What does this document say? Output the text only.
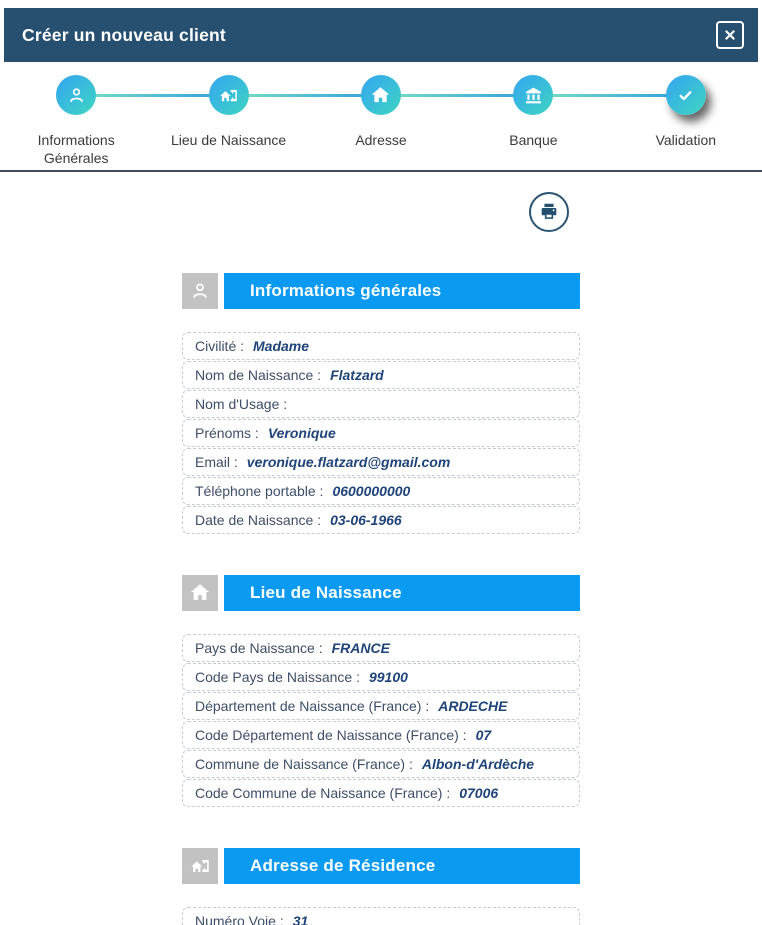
Créer un nouveau client
Informations Générales
Lieu de Naissance	Adresse	Banque	Validation
Informations générales
Civilité : Madame
Nom de Naissance : Flatzard
Nom d'Usage :
Prénoms : Veronique
Email : veronique.flatzard@gmail.com
Téléphone portable : 0600000000
Date de Naissance : 03-06-1966
Lieu de Naissance
Pays de Naissance : FRANCE
Code Pays de Naissance : 99100
Département de Naissance (France) : ARDECHE
Code Département de Naissance (France) : 07
Commune de Naissance (France) : Albon-d'Ardèche
Code Commune de Naissance (France) : 07006
Adresse de Résidence
Numéro Voie : 31
